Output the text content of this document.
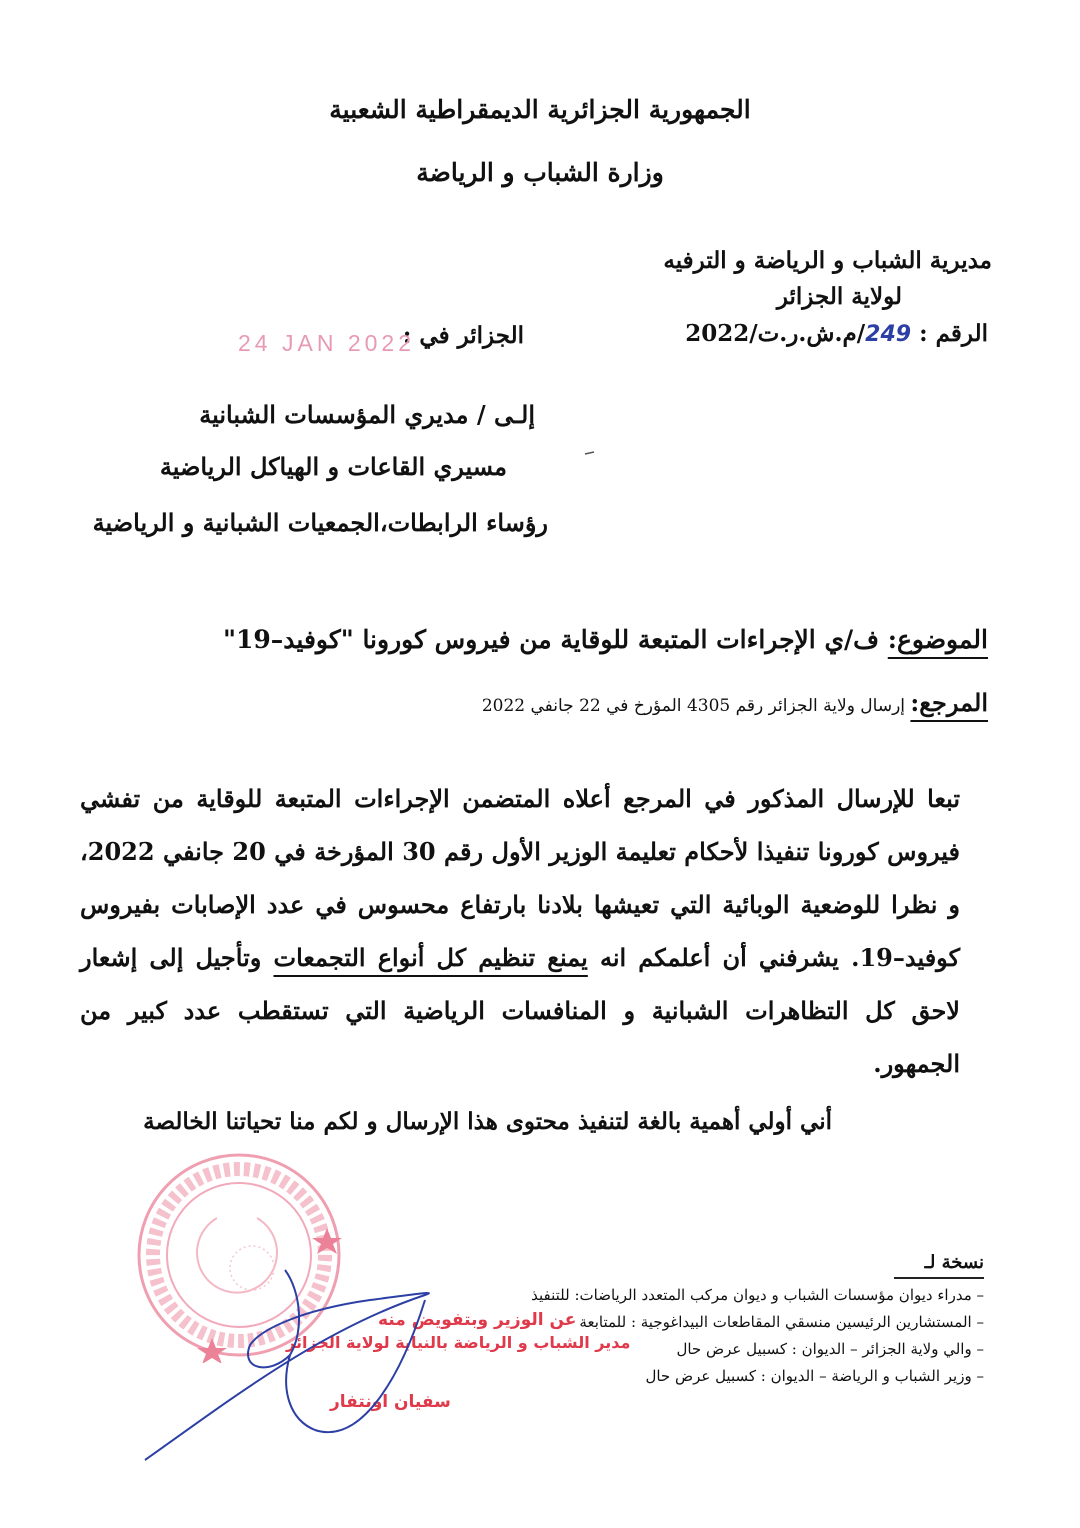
الجمهورية الجزائرية الديمقراطية الشعبية
وزارة الشباب و الرياضة
مديرية الشباب و الرياضة و الترفيه
لولاية الجزائر
الرقم : 249/م.ش.ر.ت/2022
الجزائر في :
24 JAN 2022
إلـى / مديري المؤسسات الشبانية
مسيري القاعات و الهياكل الرياضية
رؤساء الرابطات،الجمعيات الشبانية و الرياضية
الموضوع: ف/ي الإجراءات المتبعة للوقاية من فيروس كورونا "كوفيد–19"
المرجع: إرسال ولاية الجزائر رقم 4305 المؤرخ في 22 جانفي 2022

تبعا للإرسال المذكور في المرجع أعلاه المتضمن الإجراءات المتبعة للوقاية من تفشي فيروس كورونا تنفيذا لأحكام تعليمة الوزير الأول رقم 30 المؤرخة في 20 جانفي 2022، و نظرا للوضعية الوبائية التي تعيشها بلادنا بارتفاع محسوس في عدد الإصابات بفيروس كوفيد–19. يشرفني أن أعلمكم انه يمنع تنظيم كل أنواع التجمعات وتأجيل إلى إشعار لاحق كل التظاهرات الشبانية و المنافسات الرياضية التي تستقطب عدد كبير من الجمهور.

أني أولي أهمية بالغة لتنفيذ محتوى هذا الإرسال و لكم منا تحياتنا الخالصة
نسخة لـ
– مدراء ديوان مؤسسات الشباب و ديوان مركب المتعدد الرياضات: للتنفيذ
– المستشارين الرئيسين منسقي المقاطعات البيداغوجية : للمتابعة
– والي ولاية الجزائر – الديوان : كسبيل عرض حال
– وزير الشباب و الرياضة – الديوان : كسبيل عرض حال
عن الوزير وبتفويض منه
مدير الشباب و الرياضة بالنيابة لولاية الجزائر
سفيان اونتفار
